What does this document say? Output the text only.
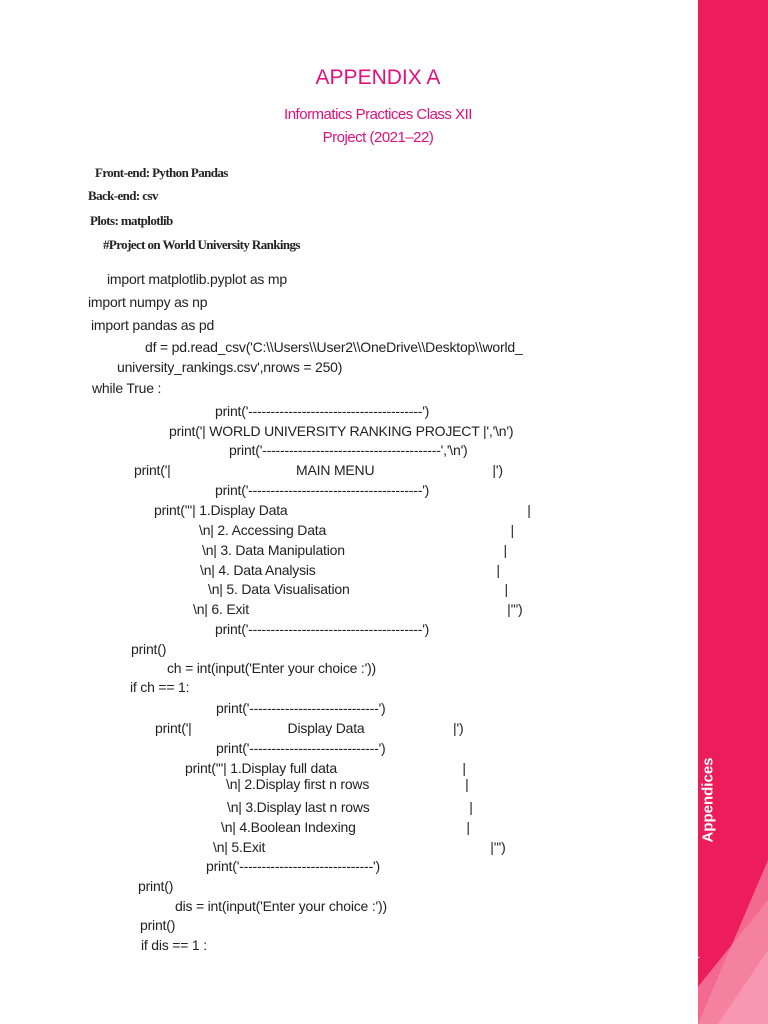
Appendices
A1
APPENDIX A
Informatics Practices Class XII
Project (2021–22)
Front-end: Python Pandas
Back-end: csv
Plots: matplotlib
#Project on World University Rankings
import matplotlib.pyplot as mp
import numpy as np
import pandas as pd
df = pd.read_csv('C:\\Users\\User2\\OneDrive\\Desktop\\world_
university_rankings.csv',nrows = 250)
while True :
print('---------------------------------------')
print('| WORLD UNIVERSITY RANKING PROJECT |','\n')
print('----------------------------------------','\n')
print('|                                  MAIN MENU                                |')
print('---------------------------------------')
print('''| 1.Display Data                                                                 |
\n| 2. Accessing Data                                                  |
\n| 3. Data Manipulation                                           |
\n| 4. Data Analysis                                                 |
\n| 5. Data Visualisation                                          |
\n| 6. Exit                                                                      |''')
print('---------------------------------------')
print()
ch = int(input('Enter your choice :'))
if ch == 1:
print('-----------------------------')
print('|                          Display Data                        |')
print('-----------------------------')
print('''| 1.Display full data                                  |
\n| 2.Display first n rows                          |
\n| 3.Display last n rows                           |
\n| 4.Boolean Indexing                              |
\n| 5.Exit                                                             |''')
print('------------------------------')
print()
dis = int(input('Enter your choice :'))
print()
if dis == 1 :
